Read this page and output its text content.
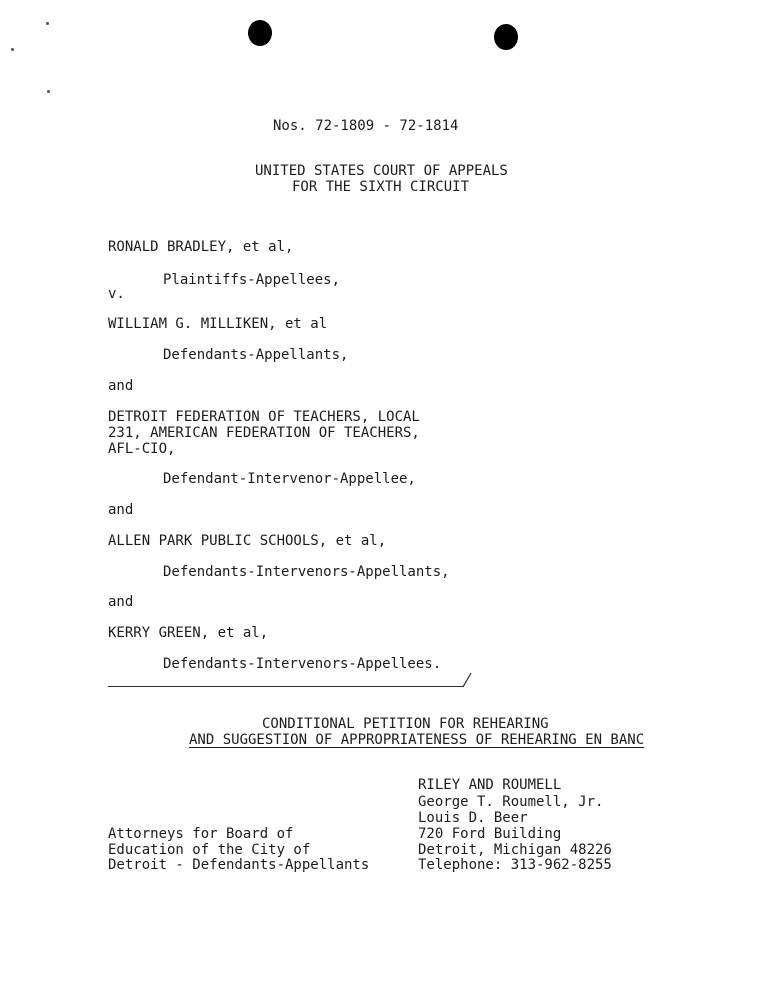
Nos. 72-1809 - 72-1814
UNITED STATES COURT OF APPEALS
FOR THE SIXTH CIRCUIT
RONALD BRADLEY, et al,
Plaintiffs-Appellees,
v.
WILLIAM G. MILLIKEN, et al
Defendants-Appellants,
and
DETROIT FEDERATION OF TEACHERS, LOCAL
231, AMERICAN FEDERATION OF TEACHERS,
AFL-CIO,
Defendant-Intervenor-Appellee,
and
ALLEN PARK PUBLIC SCHOOLS, et al,
Defendants-Intervenors-Appellants,
and
KERRY GREEN, et al,
Defendants-Intervenors-Appellees.
CONDITIONAL PETITION FOR REHEARING
AND SUGGESTION OF APPROPRIATENESS OF REHEARING EN BANC
RILEY AND ROUMELL
George T. Roumell, Jr.
Louis D. Beer
720 Ford Building
Detroit, Michigan 48226
Telephone: 313-962-8255
Attorneys for Board of
Education of the City of
Detroit - Defendants-Appellants
